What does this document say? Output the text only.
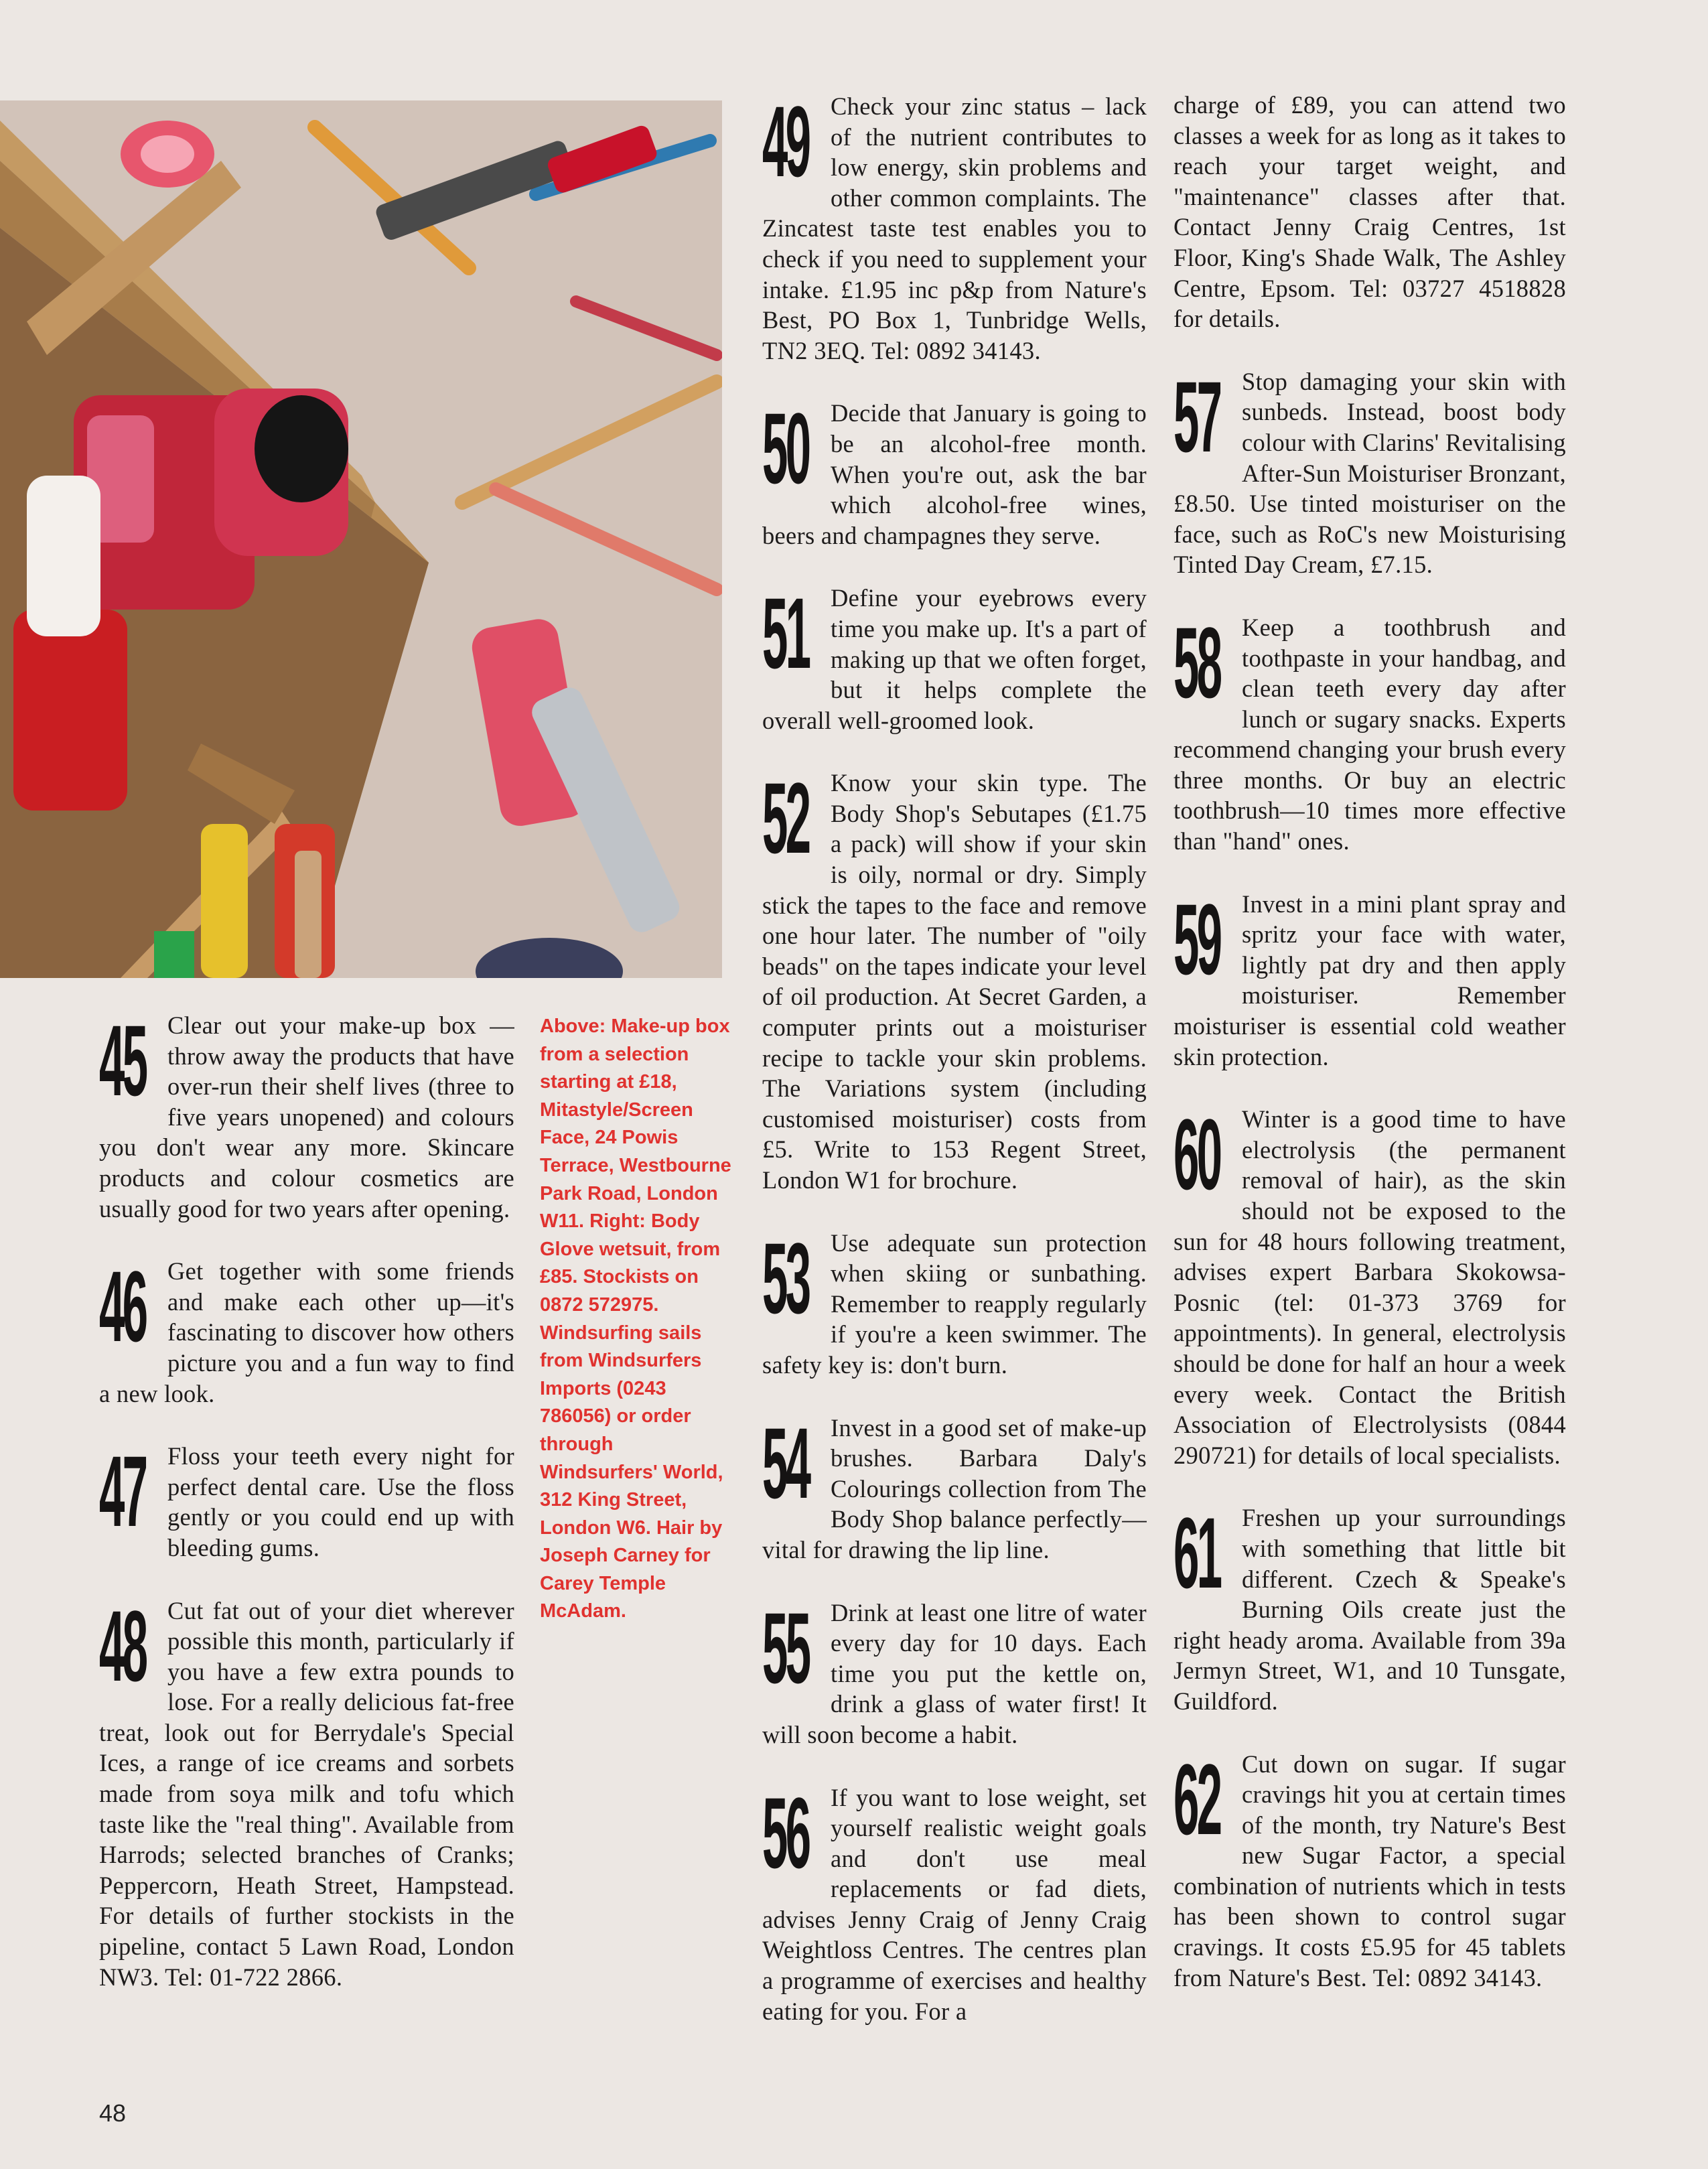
45 Clear out your make-up box —throw away the products that have over-run their shelf lives (three to five years unopened) and colours you don't wear any more. Skincare products and colour cosmetics are usually good for two years after opening.
46 Get together with some friends and make each other up—it's fascinating to discover how others picture you and a fun way to find a new look.
47 Floss your teeth every night for perfect dental care. Use the floss gently or you could end up with bleeding gums.
48 Cut fat out of your diet wherever possible this month, particularly if you have a few extra pounds to lose. For a really delicious fat-free treat, look out for Berrydale's Special Ices, a range of ice creams and sorbets made from soya milk and tofu which taste like the "real thing". Available from Harrods; selected branches of Cranks; Peppercorn, Heath Street, Hampstead. For details of further stockists in the pipeline, contact 5 Lawn Road, London NW3. Tel: 01-722 2866.
Above: Make-up box from a selection starting at £18, Mitastyle/Screen Face, 24 Powis Terrace, Westbourne Park Road, London W11. Right: Body Glove wetsuit, from £85. Stockists on 0872 572975. Windsurfing sails from Windsurfers Imports (0243 786056) or order through Windsurfers' World, 312 King Street, London W6. Hair by Joseph Carney for Carey Temple McAdam.
49 Check your zinc status – lack of the nutrient contributes to low energy, skin problems and other common complaints. The Zincatest taste test enables you to check if you need to supplement your intake. £1.95 inc p&p from Nature's Best, PO Box 1, Tunbridge Wells, TN2 3EQ. Tel: 0892 34143.
50 Decide that January is going to be an alcohol-free month. When you're out, ask the bar which alcohol-free wines, beers and champagnes they serve.
51 Define your eyebrows every time you make up. It's a part of making up that we often forget, but it helps complete the overall well-groomed look.
52 Know your skin type. The Body Shop's Sebutapes (£1.75 a pack) will show if your skin is oily, normal or dry. Simply stick the tapes to the face and remove one hour later. The number of "oily beads" on the tapes indicate your level of oil production. At Secret Garden, a computer prints out a moisturiser recipe to tackle your skin problems. The Variations system (including customised moisturiser) costs from £5. Write to 153 Regent Street, London W1 for brochure.
53 Use adequate sun protection when skiing or sunbathing. Remember to reapply regularly if you're a keen swimmer. The safety key is: don't burn.
54 Invest in a good set of make-up brushes. Barbara Daly's Colourings collection from The Body Shop balance perfectly—vital for drawing the lip line.
55 Drink at least one litre of water every day for 10 days. Each time you put the kettle on, drink a glass of water first! It will soon become a habit.
56 If you want to lose weight, set yourself realistic weight goals and don't use meal replacements or fad diets, advises Jenny Craig of Jenny Craig Weightloss Centres. The centres plan a programme of exercises and healthy eating for you. For a
charge of £89, you can attend two classes a week for as long as it takes to reach your target weight, and "maintenance" classes after that. Contact Jenny Craig Centres, 1st Floor, King's Shade Walk, The Ashley Centre, Epsom. Tel: 03727 4518828 for details.
57 Stop damaging your skin with sunbeds. Instead, boost body colour with Clarins' Revitalising After-Sun Moisturiser Bronzant, £8.50. Use tinted moisturiser on the face, such as RoC's new Moisturising Tinted Day Cream, £7.15.
58 Keep a toothbrush and toothpaste in your handbag, and clean teeth every day after lunch or sugary snacks. Experts recommend changing your brush every three months. Or buy an electric toothbrush—10 times more effective than "hand" ones.
59 Invest in a mini plant spray and spritz your face with water, lightly pat dry and then apply moisturiser. Remember moisturiser is essential cold weather skin protection.
60 Winter is a good time to have electrolysis (the permanent removal of hair), as the skin should not be exposed to the sun for 48 hours following treatment, advises expert Barbara Skokowsa-Posnic (tel: 01-373 3769 for appointments). In general, electrolysis should be done for half an hour a week every week. Contact the British Association of Electrolysists (0844 290721) for details of local specialists.
61 Freshen up your surroundings with something that little bit different. Czech & Speake's Burning Oils create just the right heady aroma. Available from 39a Jermyn Street, W1, and 10 Tunsgate, Guildford.
62 Cut down on sugar. If sugar cravings hit you at certain times of the month, try Nature's Best new Sugar Factor, a special combination of nutrients which in tests has been shown to control sugar cravings. It costs £5.95 for 45 tablets from Nature's Best. Tel: 0892 34143.
48
